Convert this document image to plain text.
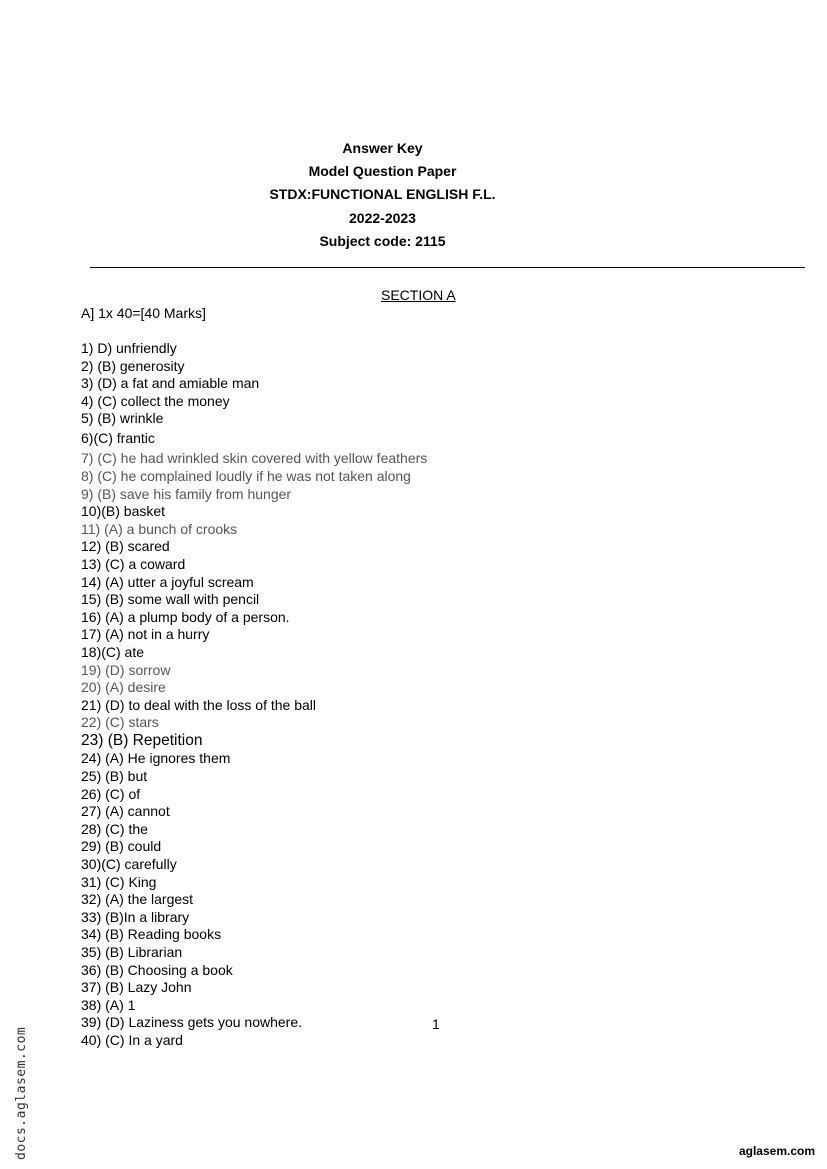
Answer Key
Model Question Paper
STDX:FUNCTIONAL ENGLISH F.L.
2022-2023
Subject code: 2115
SECTION A
A] 1x 40=[40 Marks]
1) D) unfriendly
2) (B) generosity
3) (D) a fat and amiable man
4) (C) collect the money
5) (B) wrinkle
6)(C) frantic
7) (C) he had wrinkled skin covered with yellow feathers
8) (C) he complained loudly if he was not taken along
9) (B) save his family from hunger
10)(B) basket
11) (A) a bunch of crooks
12) (B) scared
13) (C) a coward
14) (A) utter a joyful scream
15) (B) some wall with pencil
16) (A) a plump body of a person.
17) (A) not in a hurry
18)(C) ate
19) (D) sorrow
20) (A) desire
21) (D) to deal with the loss of the ball
22) (C) stars
23) (B) Repetition
24) (A) He ignores them
25) (B) but
26) (C) of
27) (A) cannot
28) (C) the
29) (B) could
30)(C) carefully
31) (C) King
32) (A) the largest
33) (B)In a library
34) (B) Reading books
35) (B) Librarian
36) (B) Choosing a book
37) (B) Lazy John
38) (A) 1
39) (D) Laziness gets you nowhere.
40) (C) In a yard
1
docs.aglasem.com	aglasem.com
